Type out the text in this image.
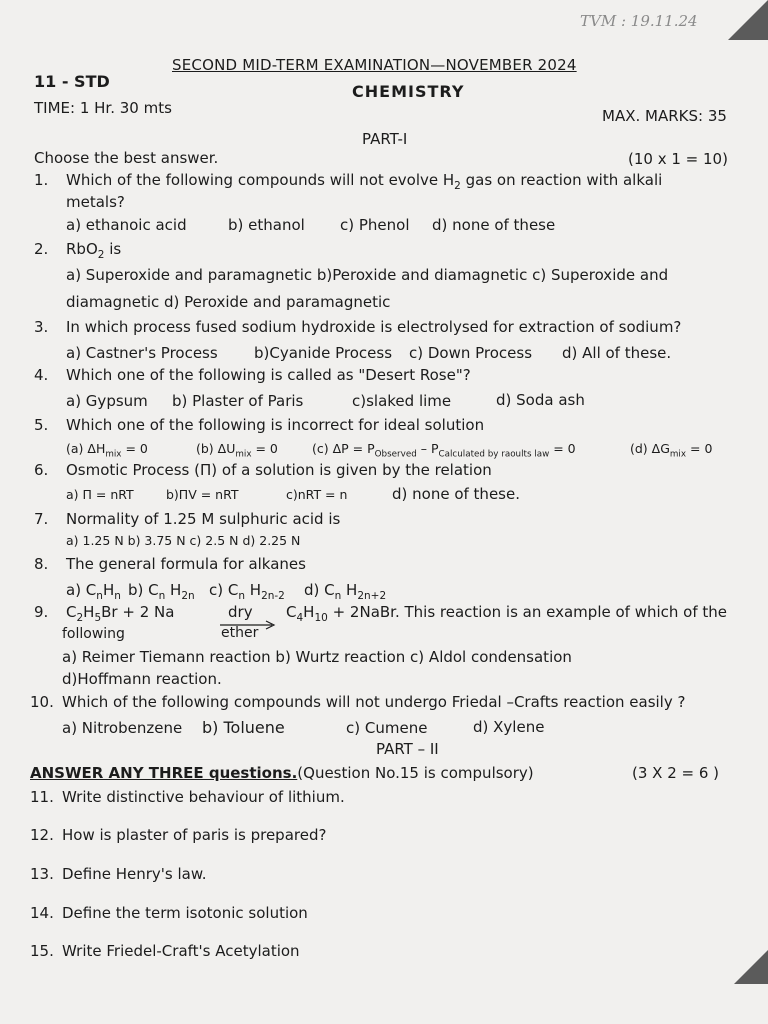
TVM : 19.11.24
SECOND MID-TERM EXAMINATION—NOVEMBER 2024
11 - STD
CHEMISTRY
TIME: 1 Hr. 30 mts	MAX. MARKS: 35
PART-I
Choose the best answer.	(10 x 1 = 10)
1. Which of the following compounds will not evolve $H_2$ gas on reaction with alkali
metals?
a) ethanoic acid	b) ethanol c) Phenol d) none of these
2. RbO$_2$ is
a) Superoxide and paramagnetic b)Peroxide and diamagnetic c) Superoxide and
diamagnetic d) Peroxide and paramagnetic
3. In which process fused sodium hydroxide is electrolysed for extraction of sodium?
a) Castner's Process b)Cyanide Process c) Down Process d) All of these.
4. Which one of the following is called as "Desert Rose"?
a) Gypsum b) Plaster of Paris	c)slaked lime	d) Soda ash
5. Which one of the following is incorrect for ideal solution
(a) $\Delta H_{mix} = 0$	(b) $\Delta U_{mix} = 0$	(c) $\Delta P = P_{Observed} - P_{Calculated by raoults law} = 0$	(d) $\Delta G_{mix} = 0$
6. Osmotic Process (Π) of a solution is given by the relation
a) Π = nRT	b)ΠV = nRT	c)nRT = n	d) none of these.
7. Normality of 1.25 M sulphuric acid is
a) 1.25 N b) 3.75 N c) 2.5 N d) 2.25 N
8. The general formula for alkanes
a) $C_nH_n$ b) $C_n$ $H_{2n}$ c) $C_n$ $H_{2n-2}$ d) $C_n$ $H_{2n+2}$
9. $C_2H_5Br + 2$ Na	dry
ether
$C_4H_{10}$ + 2NaBr. This reaction is an example of which of the
following
a) Reimer Tiemann reaction b) Wurtz reaction c) Aldol condensation
d)Hoffmann reaction.
10. Which of the following compounds will not undergo Friedal –Crafts reaction easily ?
a) Nitrobenzene b) Toluene	c) Cumene	d) Xylene
PART – II
ANSWER ANY THREE questions.(Question No.15 is compulsory)	(3 X 2 = 6 )
11. Write distinctive behaviour of lithium.
12. How is plaster of paris is prepared?
13. Define Henry's law.
14. Define the term isotonic solution
15. Write Friedel-Craft's Acetylation
